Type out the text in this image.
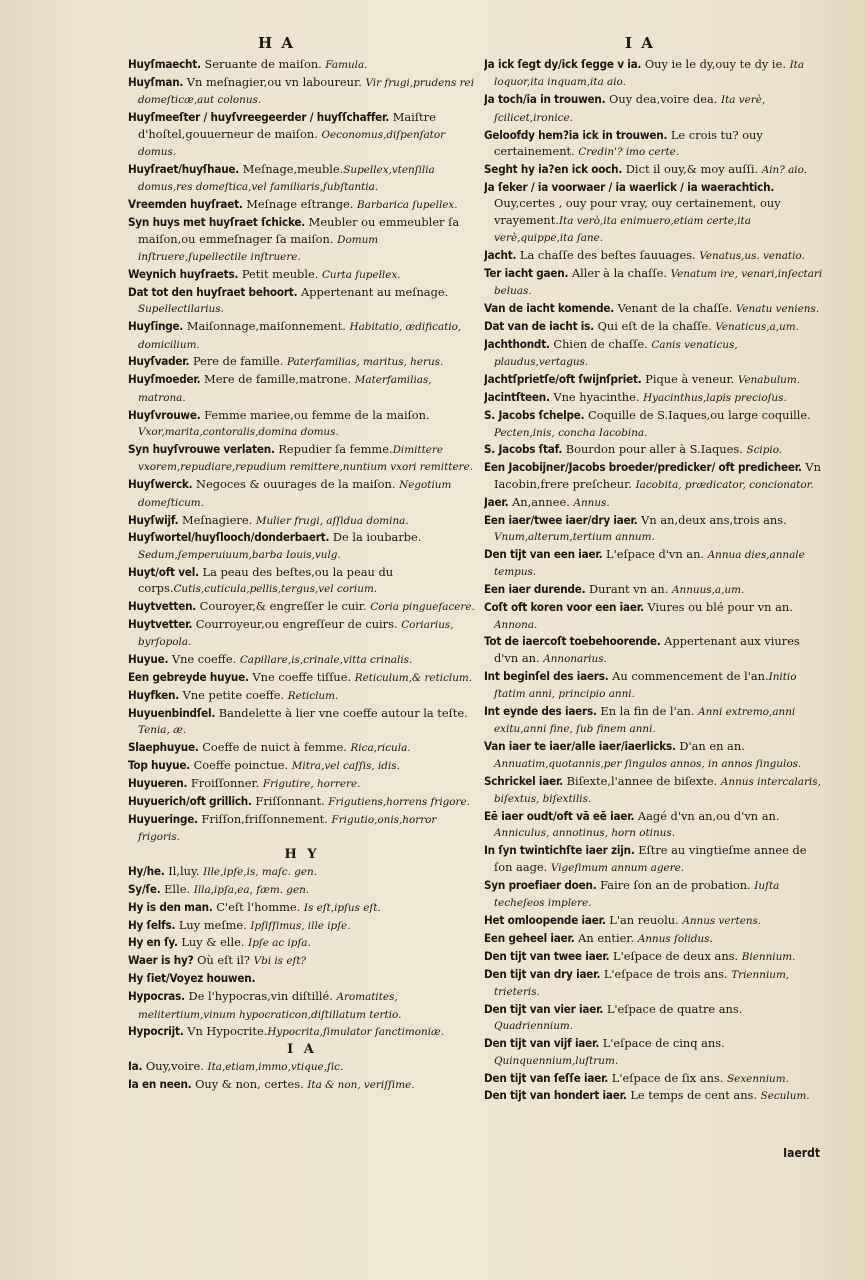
H A	I A
Huyſmaecht. Seruante de maiſon. Famula.
Huyſman. Vn meſnagier,ou vn laboureur. Vir frugi,prudens rei domeſticæ,aut colonus.
Huyſmeeſter / huyſvreegeerder / huyſſchaffer. Maiſtre d'hoſtel,gouuerneur de maiſon. Oeconomus,diſpenſator domus.
Huyſraet/huyſhaue. Meſnage,meuble.Supellex,vtenſilia domus,res domeſtica,vel familiaris,ſubſtantia.
Vreemden huyſraet. Meſnage eſtrange. Barbarica ſupellex.
Syn huys met huyſraet ſchicke. Meubler ou emmeubler ſa maiſon,ou emmeſnager ſa maiſon. Domum inſtruere,ſupellectile inſtruere.
Weynich huyſraets. Petit meuble. Curta ſupellex.
Dat tot den huyſraet behoort. Appertenant au meſnage. Supellectilarius.
Huyſinge. Maiſonnage,maiſonnement. Habitatio, ædificatio, domicilium.
Huyſvader. Pere de famille. Paterfamilias, maritus, herus.
Huyſmoeder. Mere de famille,matrone. Materfamilias, matrona.
Huyſvrouwe. Femme mariee,ou femme de la maiſon. Vxor,marita,contoralis,domina domus.
Syn huyſvrouwe verlaten. Repudier ſa femme.Dimittere vxorem,repudiare,repudium remittere,nuntium vxori remittere.
Huyſwerck. Negoces & ouurages de la maiſon. Negotium domeſticum.
Huyſwijf. Meſnagiere. Mulier frugi, aſſidua domina.
Huyſwortel/huyſlooch/donderbaert. De la ioubarbe. Sedum,ſemperuiuum,barba Iouis,vulg.
Huyt/oft vel. La peau des beſtes,ou la peau du corps.Cutis,cuticula,pellis,tergus,vel corium.
Huytvetten. Couroyer,& engreſſer le cuir. Coria pinguefacere.
Huytvetter. Courroyeur,ou engreſſeur de cuirs. Coriarius, byrſopola.
Huyue. Vne coeffe. Capillare,is,crinale,vitta crinalis.
Een gebreyde huyue. Vne coeffe tiſſue. Reticulum,& reticlum.
Huyfken. Vne petite coeffe. Reticlum.
Huyuenbindſel. Bandelette à lier vne coeffe autour la teſte. Tenia, æ.
Slaephuyue. Coeffe de nuict à femme. Rica,ricula.
Top huyue. Coeffe poinctue. Mitra,vel caſſis, idis.
Huyueren. Froiſſonner. Frigutire, horrere.
Huyuerich/oft grillich. Friſſonnant. Frigutiens,horrens frigore.
Huyueringe. Friſſon,friſſonnement. Frigutio,onis,horror frigoris.
H Y
Hy/he. Il,luy. Ille,ipſe,is, maſc. gen.
Sy/ſe. Elle. Illa,ipſa,ea, fæm. gen.
Hy is den man. C'eſt l'homme. Is eſt,ipſus eſt.
Hy ſelfs. Luy meſme. Ipſiſſimus, ille ipſe.
Hy en ſy. Luy & elle. Ipſe ac ipſa.
Waer is hy? Où eſt il? Vbi is eſt?
Hy ſiet/Voyez houwen.
Hypocras. De l'hypocras,vin diſtillé. Aromatites, melitertium,vinum hypocraticon,diſtillatum tertio.
Hypocrijt. Vn Hypocrite.Hypocrita,ſimulator ſanctimoniæ.
I A
Ia. Ouy,voire. Ita,etiam,immo,vtique,ſic.
Ia en neen. Ouy & non, certes. Ita & non, veriſſime.
Ja ick ſegt dy/ick ſegge v ia. Ouy ie le dy,ouy te dy ie. Ita loquor,ita inquam,ita aio.
Ja toch/ia in trouwen. Ouy dea,voire dea. Ita verè, ſcilicet,ironice.
Geloofdy hem?ia ick in trouwen. Le crois tu? ouy certainement. Credin'? imo certe.
Seght hy ia?en ick ooch. Dict il ouy,& moy auſſi. Ain? aio.
Ja ſeker / ia voorwaer / ia waerlick / ia waerachtich. Ouy,certes , ouy pour vray, ouy certainement, ouy vrayement.Ita verò,ita enimuero,etiam certe,ita verè,quippe,ita ſane.
Jacht. La chaſſe des beſtes ſauuages. Venatus,us. venatio.
Ter iacht gaen. Aller à la chaſſe. Venatum ire, venari,inſectari beluas.
Van de iacht komende. Venant de la chaſſe. Venatu veniens.
Dat van de iacht is. Qui eſt de la chaſſe. Venaticus,a,um.
Jachthondt. Chien de chaſſe. Canis venaticus, plaudus,vertagus.
Jachtſprietſe/oft ſwijnſpriet. Pique à veneur. Venabulum.
Jacintſteen. Vne hyacinthe. Hyacinthus,lapis precioſus.
S. Jacobs ſchelpe. Coquille de S.Iaques,ou large coquille. Pecten,inis, concha Iacobina.
S. Jacobs ſtaf. Bourdon pour aller à S.Iaques. Scipio.
Een Jacobijner/Jacobs broeder/predicker/ oft predicheer. Vn Iacobin,frere preſcheur. Iacobita, prædicator, concionator.
Jaer. An,annee. Annus.
Een iaer/twee iaer/dry iaer. Vn an,deux ans,trois ans. Vnum,alterum,tertium annum.
Den tijt van een iaer. L'eſpace d'vn an. Annua dies,annale tempus.
Een iaer durende. Durant vn an. Annuus,a,um.
Coſt oft koren voor een iaer. Viures ou blé pour vn an. Annona.
Tot de iaercoſt toebehoorende. Appertenant aux viures d'vn an. Annonarius.
Int beginſel des iaers. Au commencement de l'an.Initio ſtatim anni, principio anni.
Int eynde des iaers. En la fin de l'an. Anni extremo,anni exitu,anni fine, ſub finem anni.
Van iaer te iaer/alle iaer/iaerlicks. D'an en an. Annuatim,quotannis,per ſingulos annos, in annos ſingulos.
Schrickel iaer. Biſexte,l'annee de biſexte. Annus intercalaris, biſextus, biſextilis.
Eē iaer oudt/oft vā eē iaer. Aagé d'vn an,ou d'vn an. Anniculus, annotinus, horn otinus.
In ſyn twintichſte iaer zijn. Eſtre au vingtieſme annee de ſon aage. Vigeſimum annum agere.
Syn proefiaer doen. Faire ſon an de probation. Iuſta techeſeos implere.
Het omloopende iaer. L'an reuolu. Annus vertens.
Een geheel iaer. An entier. Annus ſolidus.
Den tijt van twee iaer. L'eſpace de deux ans. Biennium.
Den tijt van dry iaer. L'eſpace de trois ans. Triennium, trieteris.
Den tijt van vier iaer. L'eſpace de quatre ans. Quadriennium.
Den tijt van vijf iaer. L'eſpace de cinq ans. Quinquennium,luſtrum.
Den tijt van ſeſſe iaer. L'eſpace de ſix ans. Sexennium.
Den tijt van hondert iaer. Le temps de cent ans. Seculum.
Iaerdt
